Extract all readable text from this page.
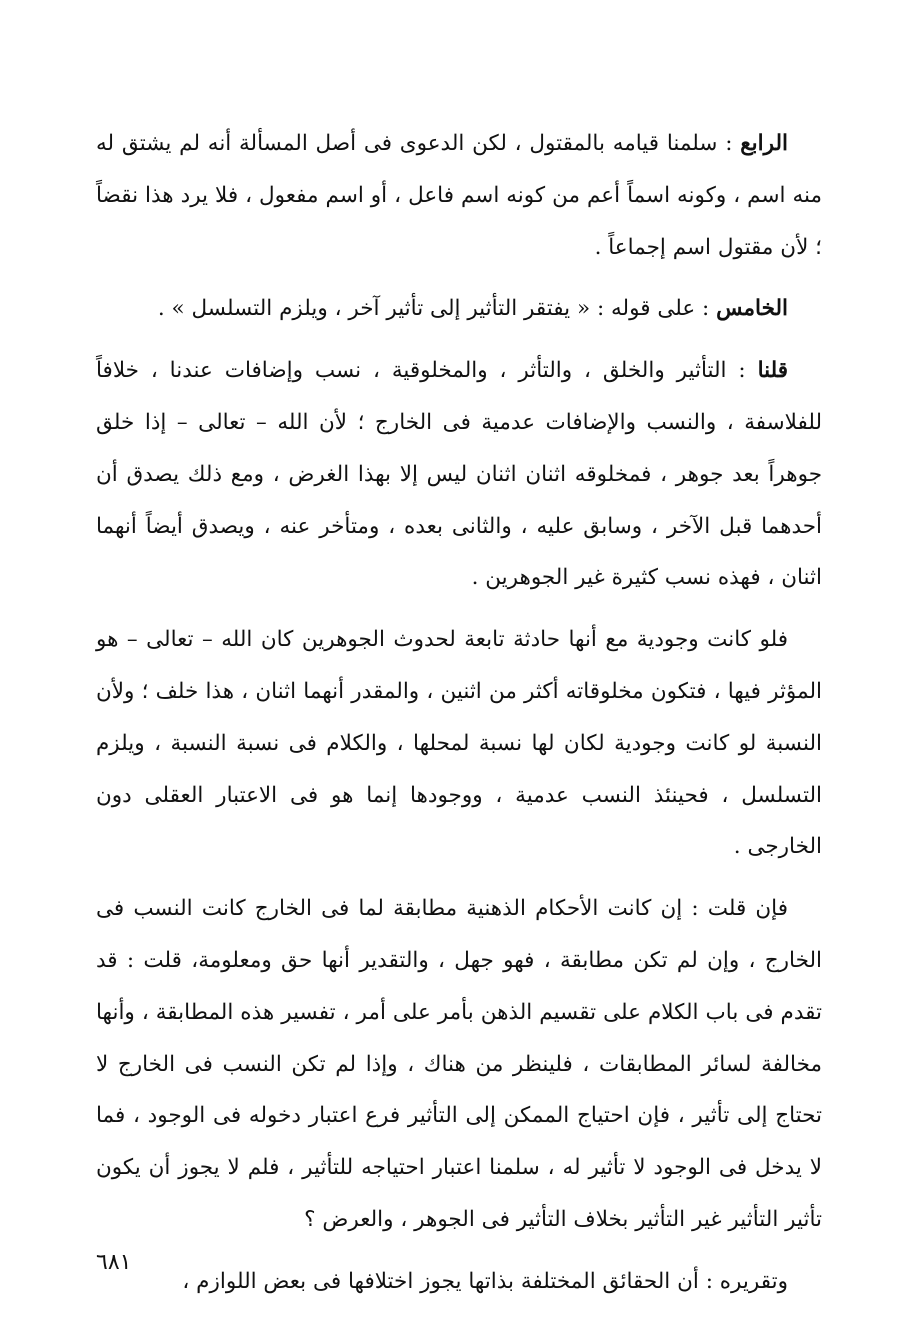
الرابع : سلمنا قيامه بالمقتول ، لكن الدعوى فى أصل المسألة أنه لم يشتق له منه اسم ، وكونه اسماً أعم من كونه اسم فاعل ، أو اسم مفعول ، فلا يرد هذا نقضاً ؛ لأن مقتول اسم إجماعاً .

الخامس : على قوله : « يفتقر التأثير إلى تأثير آخر ، ويلزم التسلسل » .

قلنا : التأثير والخلق ، والتأثر ، والمخلوقية ، نسب وإضافات عندنا ، خلافاً للفلاسفة ، والنسب والإضافات عدمية فى الخارج ؛ لأن الله – تعالى – إذا خلق جوهراً بعد جوهر ، فمخلوقه اثنان اثنان ليس إلا بهذا الغرض ، ومع ذلك يصدق أن أحدهما قبل الآخر ، وسابق عليه ، والثانى بعده ، ومتأخر عنه ، ويصدق أيضاً أنهما اثنان ، فهذه نسب كثيرة غير الجوهرين .

فلو كانت وجودية مع أنها حادثة تابعة لحدوث الجوهرين كان الله – تعالى – هو المؤثر فيها ، فتكون مخلوقاته أكثر من اثنين ، والمقدر أنهما اثنان ، هذا خلف ؛ ولأن النسبة لو كانت وجودية لكان لها نسبة لمحلها ، والكلام فى نسبة النسبة ، ويلزم التسلسل ، فحينئذ النسب عدمية ، ووجودها إنما هو فى الاعتبار العقلى دون الخارجى .

فإن قلت : إن كانت الأحكام الذهنية مطابقة لما فى الخارج كانت النسب فى الخارج ، وإن لم تكن مطابقة ، فهو جهل ، والتقدير أنها حق ومعلومة، قلت : قد تقدم فى باب الكلام على تقسيم الذهن بأمر على أمر ، تفسير هذه المطابقة ، وأنها مخالفة لسائر المطابقات ، فلينظر من هناك ، وإذا لم تكن النسب فى الخارج لا تحتاج إلى تأثير ، فإن احتياج الممكن إلى التأثير فرع اعتبار دخوله فى الوجود ، فما لا يدخل فى الوجود لا تأثير له ، سلمنا اعتبار احتياجه للتأثير ، فلم لا يجوز أن يكون تأثير التأثير غير التأثير بخلاف التأثير فى الجوهر ، والعرض ؟

وتقريره : أن الحقائق المختلفة بذاتها يجوز اختلافها فى بعض اللوازم ،

٦٨١
